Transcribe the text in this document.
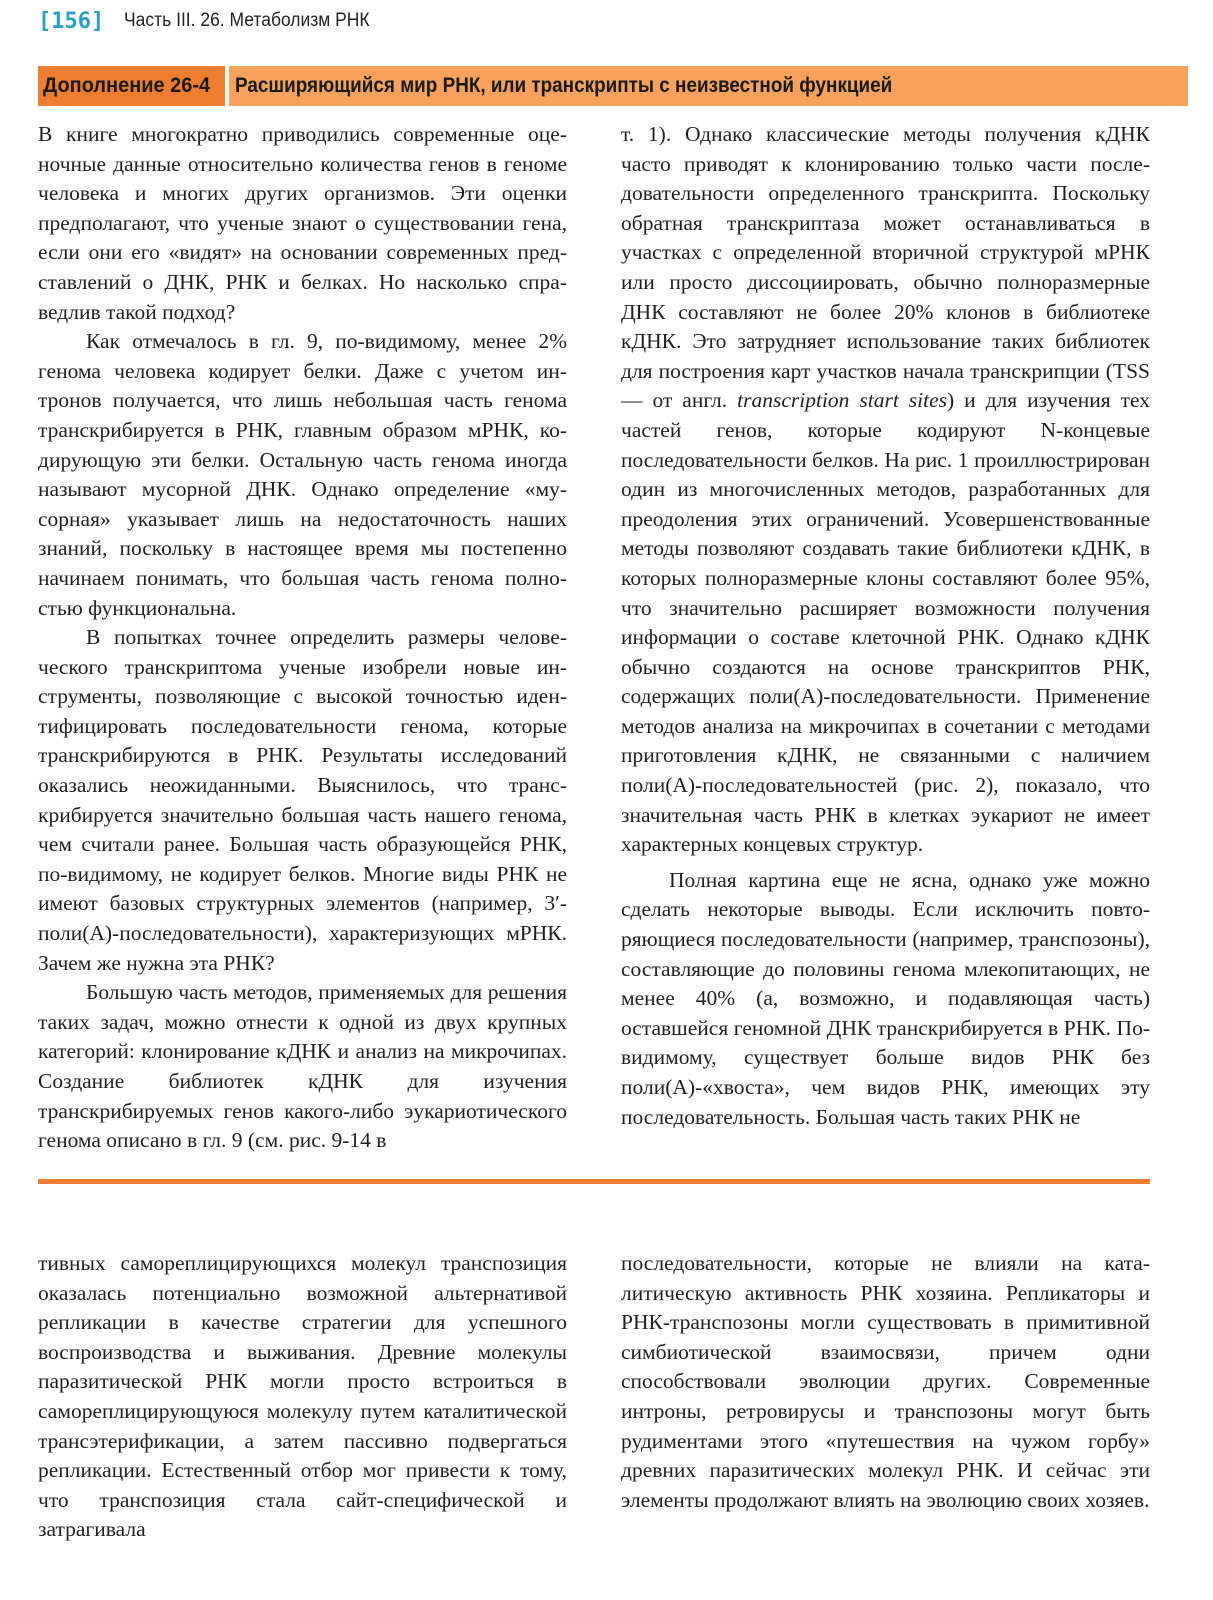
[156] Часть III. 26. Метаболизм РНК
Дополнение 26-4 Расширяющийся мир РНК, или транскрипты с неизвестной функцией

В книге многократно приводились современные оценочные данные относительно количества генов в геноме человека и многих других организмов. Эти оценки предполагают, что ученые знают о существовании гена, если они его «видят» на основании современных представлений о ДНК, РНК и белках. Но насколько справедлив такой подход?

Как отмечалось в гл. 9, по-видимому, менее 2% генома человека кодирует белки. Даже с учетом интронов получается, что лишь небольшая часть генома транскрибируется в РНК, главным образом мРНК, кодирующую эти белки. Остальную часть генома иногда называют мусорной ДНК. Однако определение «мусорная» указывает лишь на недостаточность наших знаний, поскольку в настоящее время мы постепенно начинаем понимать, что большая часть генома полностью функциональна.

В попытках точнее определить размеры человеческого транскриптома ученые изобрели новые инструменты, позволяющие с высокой точностью идентифицировать последовательности генома, которые транскрибируются в РНК. Результаты исследований оказались неожиданными. Выяснилось, что транскрибируется значительно большая часть нашего генома, чем считали ранее. Большая часть образующейся РНК, по-видимому, не кодирует белков. Многие виды РНК не имеют базовых структурных элементов (например, 3′-поли(А)-последовательности), характеризующих мРНК. Зачем же нужна эта РНК?

Большую часть методов, применяемых для решения таких задач, можно отнести к одной из двух крупных категорий: клонирование кДНК и анализ на микрочипах. Создание библиотек кДНК для изучения транскрибируемых генов какого-либо эукариотического генома описано в гл. 9 (см. рис. 9-14 в

т. 1). Однако классические методы получения кДНК часто приводят к клонированию только части последовательности определенного транскрипта. Поскольку обратная транскриптаза может останавливаться в участках с определенной вторичной структурой мРНК или просто диссоциировать, обычно полноразмерные ДНК составляют не более 20% клонов в библиотеке кДНК. Это затрудняет использование таких библиотек для построения карт участков начала транскрипции (TSS — от англ. transcription start sites) и для изучения тех частей генов, которые кодируют N-концевые последовательности белков. На рис. 1 проиллюстрирован один из многочисленных методов, разработанных для преодоления этих ограничений. Усовершенствованные методы позволяют создавать такие библиотеки кДНК, в которых полноразмерные клоны составляют более 95%, что значительно расширяет возможности получения информации о составе клеточной РНК. Однако кДНК обычно создаются на основе транскриптов РНК, содержащих поли(А)-последовательности. Применение методов анализа на микрочипах в сочетании с методами приготовления кДНК, не связанными с наличием поли(А)-последовательностей (рис. 2), показало, что значительная часть РНК в клетках эукариот не имеет характерных концевых структур.

Полная картина еще не ясна, однако уже можно сделать некоторые выводы. Если исключить повторяющиеся последовательности (например, транспозоны), составляющие до половины генома млекопитающих, не менее 40% (а, возможно, и подавляющая часть) оставшейся геномной ДНК транскрибируется в РНК. По-видимому, существует больше видов РНК без поли(А)-«хвоста», чем видов РНК, имеющих эту последовательность. Большая часть таких РНК не

тивных самореплицирующихся молекул транспозиция оказалась потенциально возможной альтернативой репликации в качестве стратегии для успешного воспроизводства и выживания. Древние молекулы паразитической РНК могли просто встроиться в самореплицирующуюся молекулу путем каталитической трансэтерификации, а затем пассивно подвергаться репликации. Естественный отбор мог привести к тому, что транспозиция стала сайт-специфической и затрагивала

последовательности, которые не влияли на каталитическую активность РНК хозяина. Репликаторы и РНК-транспозоны могли существовать в примитивной симбиотической взаимосвязи, причем одни способствовали эволюции других. Современные интроны, ретровирусы и транспозоны могут быть рудиментами этого «путешествия на чужом горбу» древних паразитических молекул РНК. И сейчас эти элементы продолжают влиять на эволюцию своих хозяев.
